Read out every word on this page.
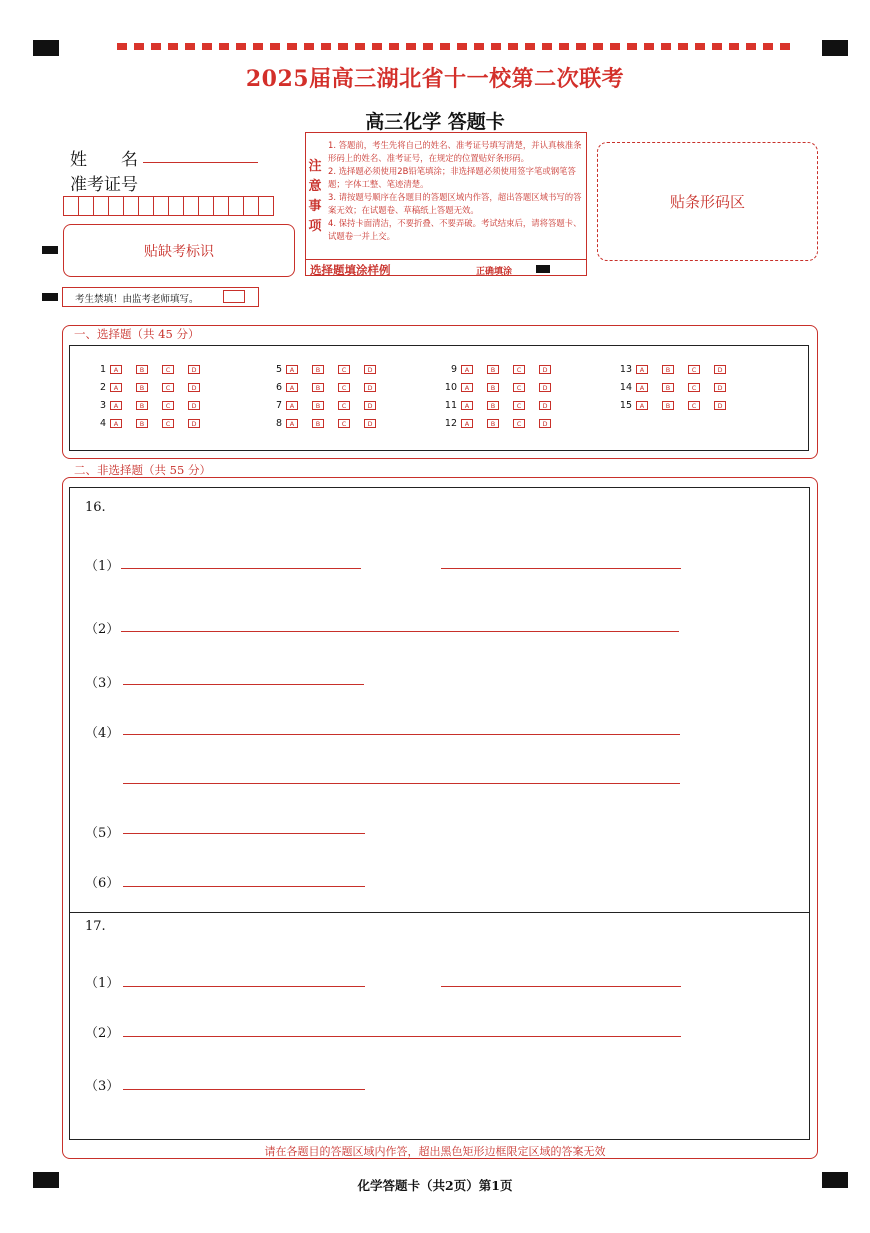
2025届高三湖北省十一校第二次联考
高三化学 答题卡
姓　　名
准考证号
贴缺考标识
考生禁填！由监考老师填写。
注
意
事
项
1. 答题前，考生先将自己的姓名、准考证号填写清楚，并认真核准条形码上的姓名、准考证号，在规定的位置贴好条形码。
2. 选择题必须使用2B铅笔填涂；非选择题必须使用签字笔或钢笔答题；字体工整、笔迹清楚。
3. 请按题号顺序在各题目的答题区域内作答，超出答题区域书写的答案无效；在试题卷、草稿纸上答题无效。
4. 保持卡面清洁，不要折叠、不要弄破。考试结束后，请将答题卡、试题卷一并上交。
选择题填涂样例	正确填涂
贴条形码区
一、选择题（共 45 分）
1	A	B	C	D
2	A	B	C	D
3	A	B	C	D
4	A	B	C	D
5	A	B	C	D
6	A	B	C	D
7	A	B	C	D
8	A	B	C	D
9	A	B	C	D
10	A	B	C	D
11	A	B	C	D
12	A	B	C	D
13	A	B	C	D
14	A	B	C	D
15	A	B	C	D
二、非选择题（共 55 分）
16.
（1）
（2）
（3）
（4）
（5）
（6）
17.
（1）
（2）
（3）
请在各题目的答题区域内作答，超出黑色矩形边框限定区域的答案无效
化学答题卡（共2页）第1页
